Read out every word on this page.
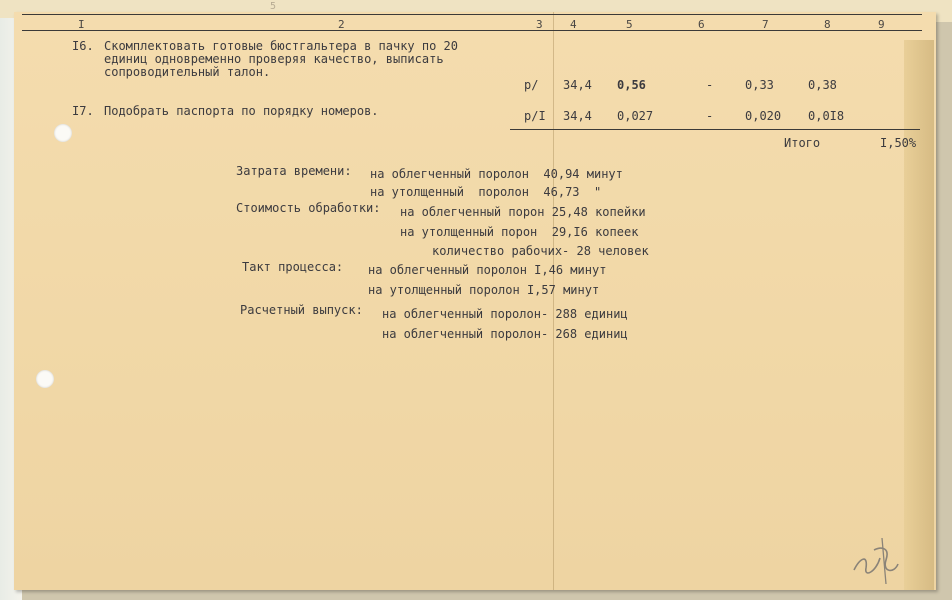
5
I	2	3 4	5	6	7	8	9
I6. Скомплектовать готовые бюстгальтера в пачку по 20
единиц одновременно проверяя качество, выписать
сопроводительный талон.
р/ 34,4 0,56	-	0,33	0,38
I7. Подобрать паспорта по порядку номеров.	р/I 34,4 0,027	-	0,020 0,0I8
Итого	I,50%
Затрата времени: на облегченный поролон  40,94 минут
на утолщенный  поролон  46,73  "
Стоимость обработки: на облегченный порон 25,48 копейки
на утолщенный порон  29,I6 копеек
количество рабочих- 28 человек
Такт процесса: на облегченный поролон I,46 минут
на утолщенный поролон I,57 минут
Расчетный выпуск: на облегченный поролон- 288 единиц
на облегченный поролон- 268 единиц
